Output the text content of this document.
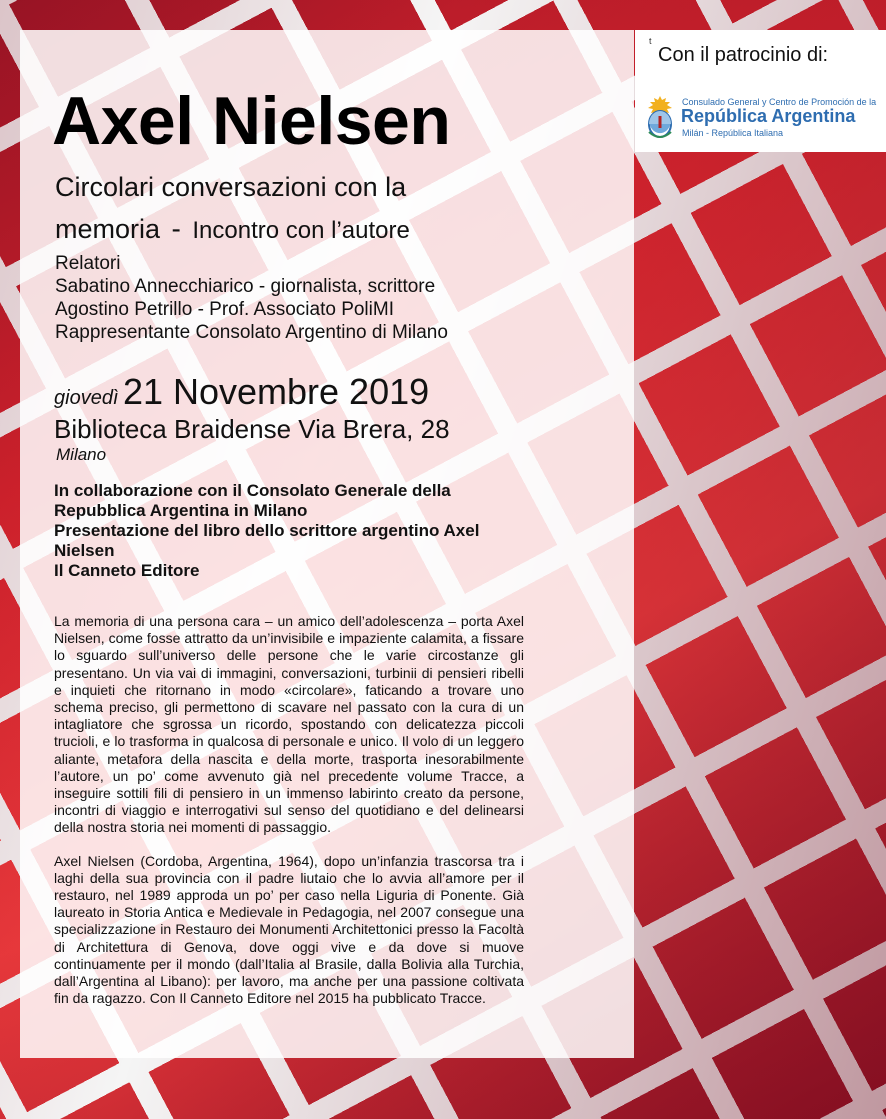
t
Con il patrocinio di:
Consulado General y Centro de Promoción de la
República Argentina
Milán - República Italiana
Axel Nielsen
Circolari conversazioni con la
memoria - Incontro con l’autore
Relatori
Sabatino Annecchiarico - giornalista, scrittore
Agostino Petrillo - Prof. Associato PoliMI
Rappresentante Consolato Argentino di Milano
giovedì 21 Novembre 2019
Biblioteca Braidense Via Brera, 28
Milano
In collaborazione con il Consolato Generale della
Repubblica Argentina in Milano
Presentazione del libro dello scrittore argentino Axel
Nielsen
Il Canneto Editore

La memoria di una persona cara – un amico dell’adolescenza – porta Axel Nielsen, come fosse attratto da un’invisibile e impaziente calamita, a fissare lo sguardo sull’universo delle persone che le varie circostanze gli presentano. Un via vai di immagini, conversazioni, turbinii di pensieri ribelli e inquieti che ritornano in modo «circolare», faticando a trovare uno schema preciso, gli permettono di scavare nel passato con la cura di un intagliatore che sgrossa un ricordo, spostando con delicatezza piccoli trucioli, e lo trasforma in qualcosa di personale e unico. Il volo di un leggero aliante, metafora della nascita e della morte, trasporta inesorabilmente l’autore, un po’ come avvenuto già nel precedente volume Tracce, a inseguire sottili fili di pensiero in un immenso labirinto creato da persone, incontri di viaggio e interrogativi sul senso del quotidiano e del delinearsi della nostra storia nei momenti di passaggio.

Axel Nielsen (Cordoba, Argentina, 1964), dopo un’infanzia trascorsa tra i laghi della sua provincia con il padre liutaio che lo avvia all’amore per il restauro, nel 1989 approda un po’ per caso nella Liguria di Ponente. Già laureato in Storia Antica e Medievale in Pedagogia, nel 2007 consegue una specializzazione in Restauro dei Monumenti Architettonici presso la Facoltà di Architettura di Genova, dove oggi vive e da dove si muove continuamente per il mondo (dall’Italia al Brasile, dalla Bolivia alla Turchia, dall’Argentina al Libano): per lavoro, ma anche per una passione coltivata fin da ragazzo. Con Il Canneto Editore nel 2015 ha pubblicato Tracce.
